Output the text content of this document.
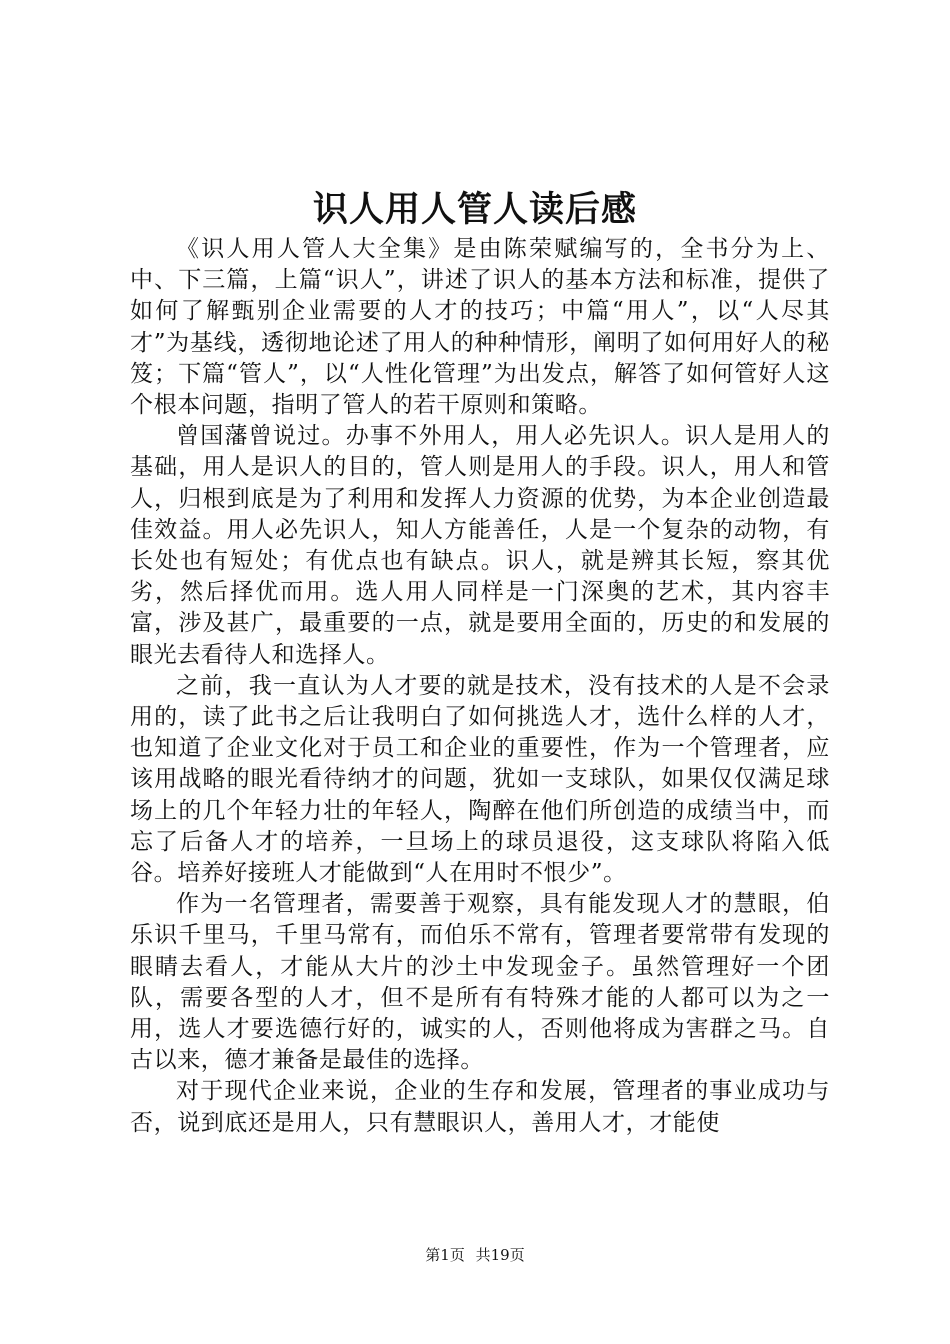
识人用人管人读后感

《识人用人管人大全集》是由陈荣赋编写的，全书分为上、中、下三篇，上篇“识人”，讲述了识人的基本方法和标准，提供了如何了解甄别企业需要的人才的技巧；中篇“用人”，以“人尽其才”为基线，透彻地论述了用人的种种情形，阐明了如何用好人的秘笈；下篇“管人”，以“人性化管理”为出发点，解答了如何管好人这个根本问题，指明了管人的若干原则和策略。

曾国藩曾说过。办事不外用人，用人必先识人。识人是用人的基础，用人是识人的目的，管人则是用人的手段。识人，用人和管人，归根到底是为了利用和发挥人力资源的优势，为本企业创造最佳效益。用人必先识人，知人方能善任，人是一个复杂的动物，有长处也有短处；有优点也有缺点。识人，就是辨其长短，察其优劣，然后择优而用。选人用人同样是一门深奥的艺术，其内容丰富，涉及甚广，最重要的一点，就是要用全面的，历史的和发展的眼光去看待人和选择人。

之前，我一直认为人才要的就是技术，没有技术的人是不会录用的，读了此书之后让我明白了如何挑选人才，选什么样的人才，也知道了企业文化对于员工和企业的重要性，作为一个管理者，应该用战略的眼光看待纳才的问题，犹如一支球队，如果仅仅满足球场上的几个年轻力壮的年轻人，陶醉在他们所创造的成绩当中，而忘了后备人才的培养，一旦场上的球员退役，这支球队将陷入低谷。培养好接班人才能做到“人在用时不恨少”。

作为一名管理者，需要善于观察，具有能发现人才的慧眼，伯乐识千里马，千里马常有，而伯乐不常有，管理者要常带有发现的眼睛去看人，才能从大片的沙土中发现金子。虽然管理好一个团队，需要各型的人才，但不是所有有特殊才能的人都可以为之一用，选人才要选德行好的，诚实的人，否则他将成为害群之马。自古以来，德才兼备是最佳的选择。

对于现代企业来说，企业的生存和发展，管理者的事业成功与否，说到底还是用人，只有慧眼识人，善用人才，才能使

第1页 共19页
